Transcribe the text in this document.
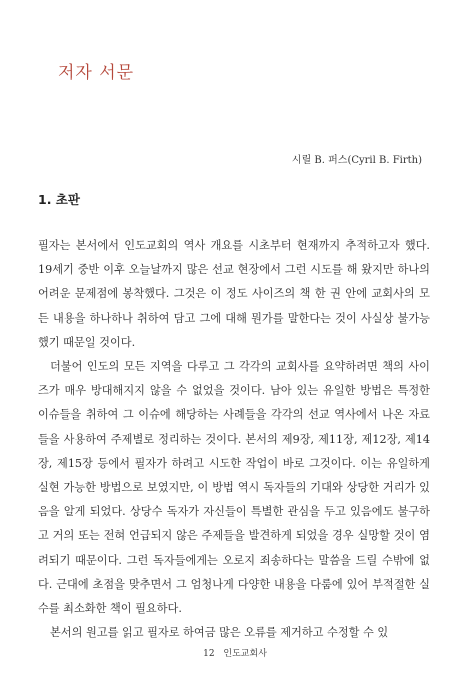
저자 서문
시릴 B. 퍼스(Cyril B. Firth)
1. 초판

필자는 본서에서 인도교회의 역사 개요를 시초부터 현재까지 추적하고자 했다. 19세기 중반 이후 오늘날까지 많은 선교 현장에서 그런 시도를 해 왔지만 하나의 어려운 문제점에 봉착했다. 그것은 이 정도 사이즈의 책 한 권 안에 교회사의 모든 내용을 하나하나 취하여 담고 그에 대해 뭔가를 말한다는 것이 사실상 불가능했기 때문일 것이다.

더불어 인도의 모든 지역을 다루고 그 각각의 교회사를 요약하려면 책의 사이즈가 매우 방대해지지 않을 수 없었을 것이다. 남아 있는 유일한 방법은 특정한 이슈들을 취하여 그 이슈에 해당하는 사례들을 각각의 선교 역사에서 나온 자료들을 사용하여 주제별로 정리하는 것이다. 본서의 제9장, 제11장, 제12장, 제14장, 제15장 등에서 필자가 하려고 시도한 작업이 바로 그것이다. 이는 유일하게 실현 가능한 방법으로 보였지만, 이 방법 역시 독자들의 기대와 상당한 거리가 있음을 알게 되었다. 상당수 독자가 자신들이 특별한 관심을 두고 있음에도 불구하고 거의 또는 전혀 언급되지 않은 주제들을 발견하게 되었을 경우 실망할 것이 염려되기 때문이다. 그런 독자들에게는 오로지 죄송하다는 말씀을 드릴 수밖에 없다. 근대에 초점을 맞추면서 그 엄청나게 다양한 내용을 다룸에 있어 부적절한 실수를 최소화한 책이 필요하다.

본서의 원고를 읽고 필자로 하여금 많은 오류를 제거하고 수정할 수 있

12 인도교회사
